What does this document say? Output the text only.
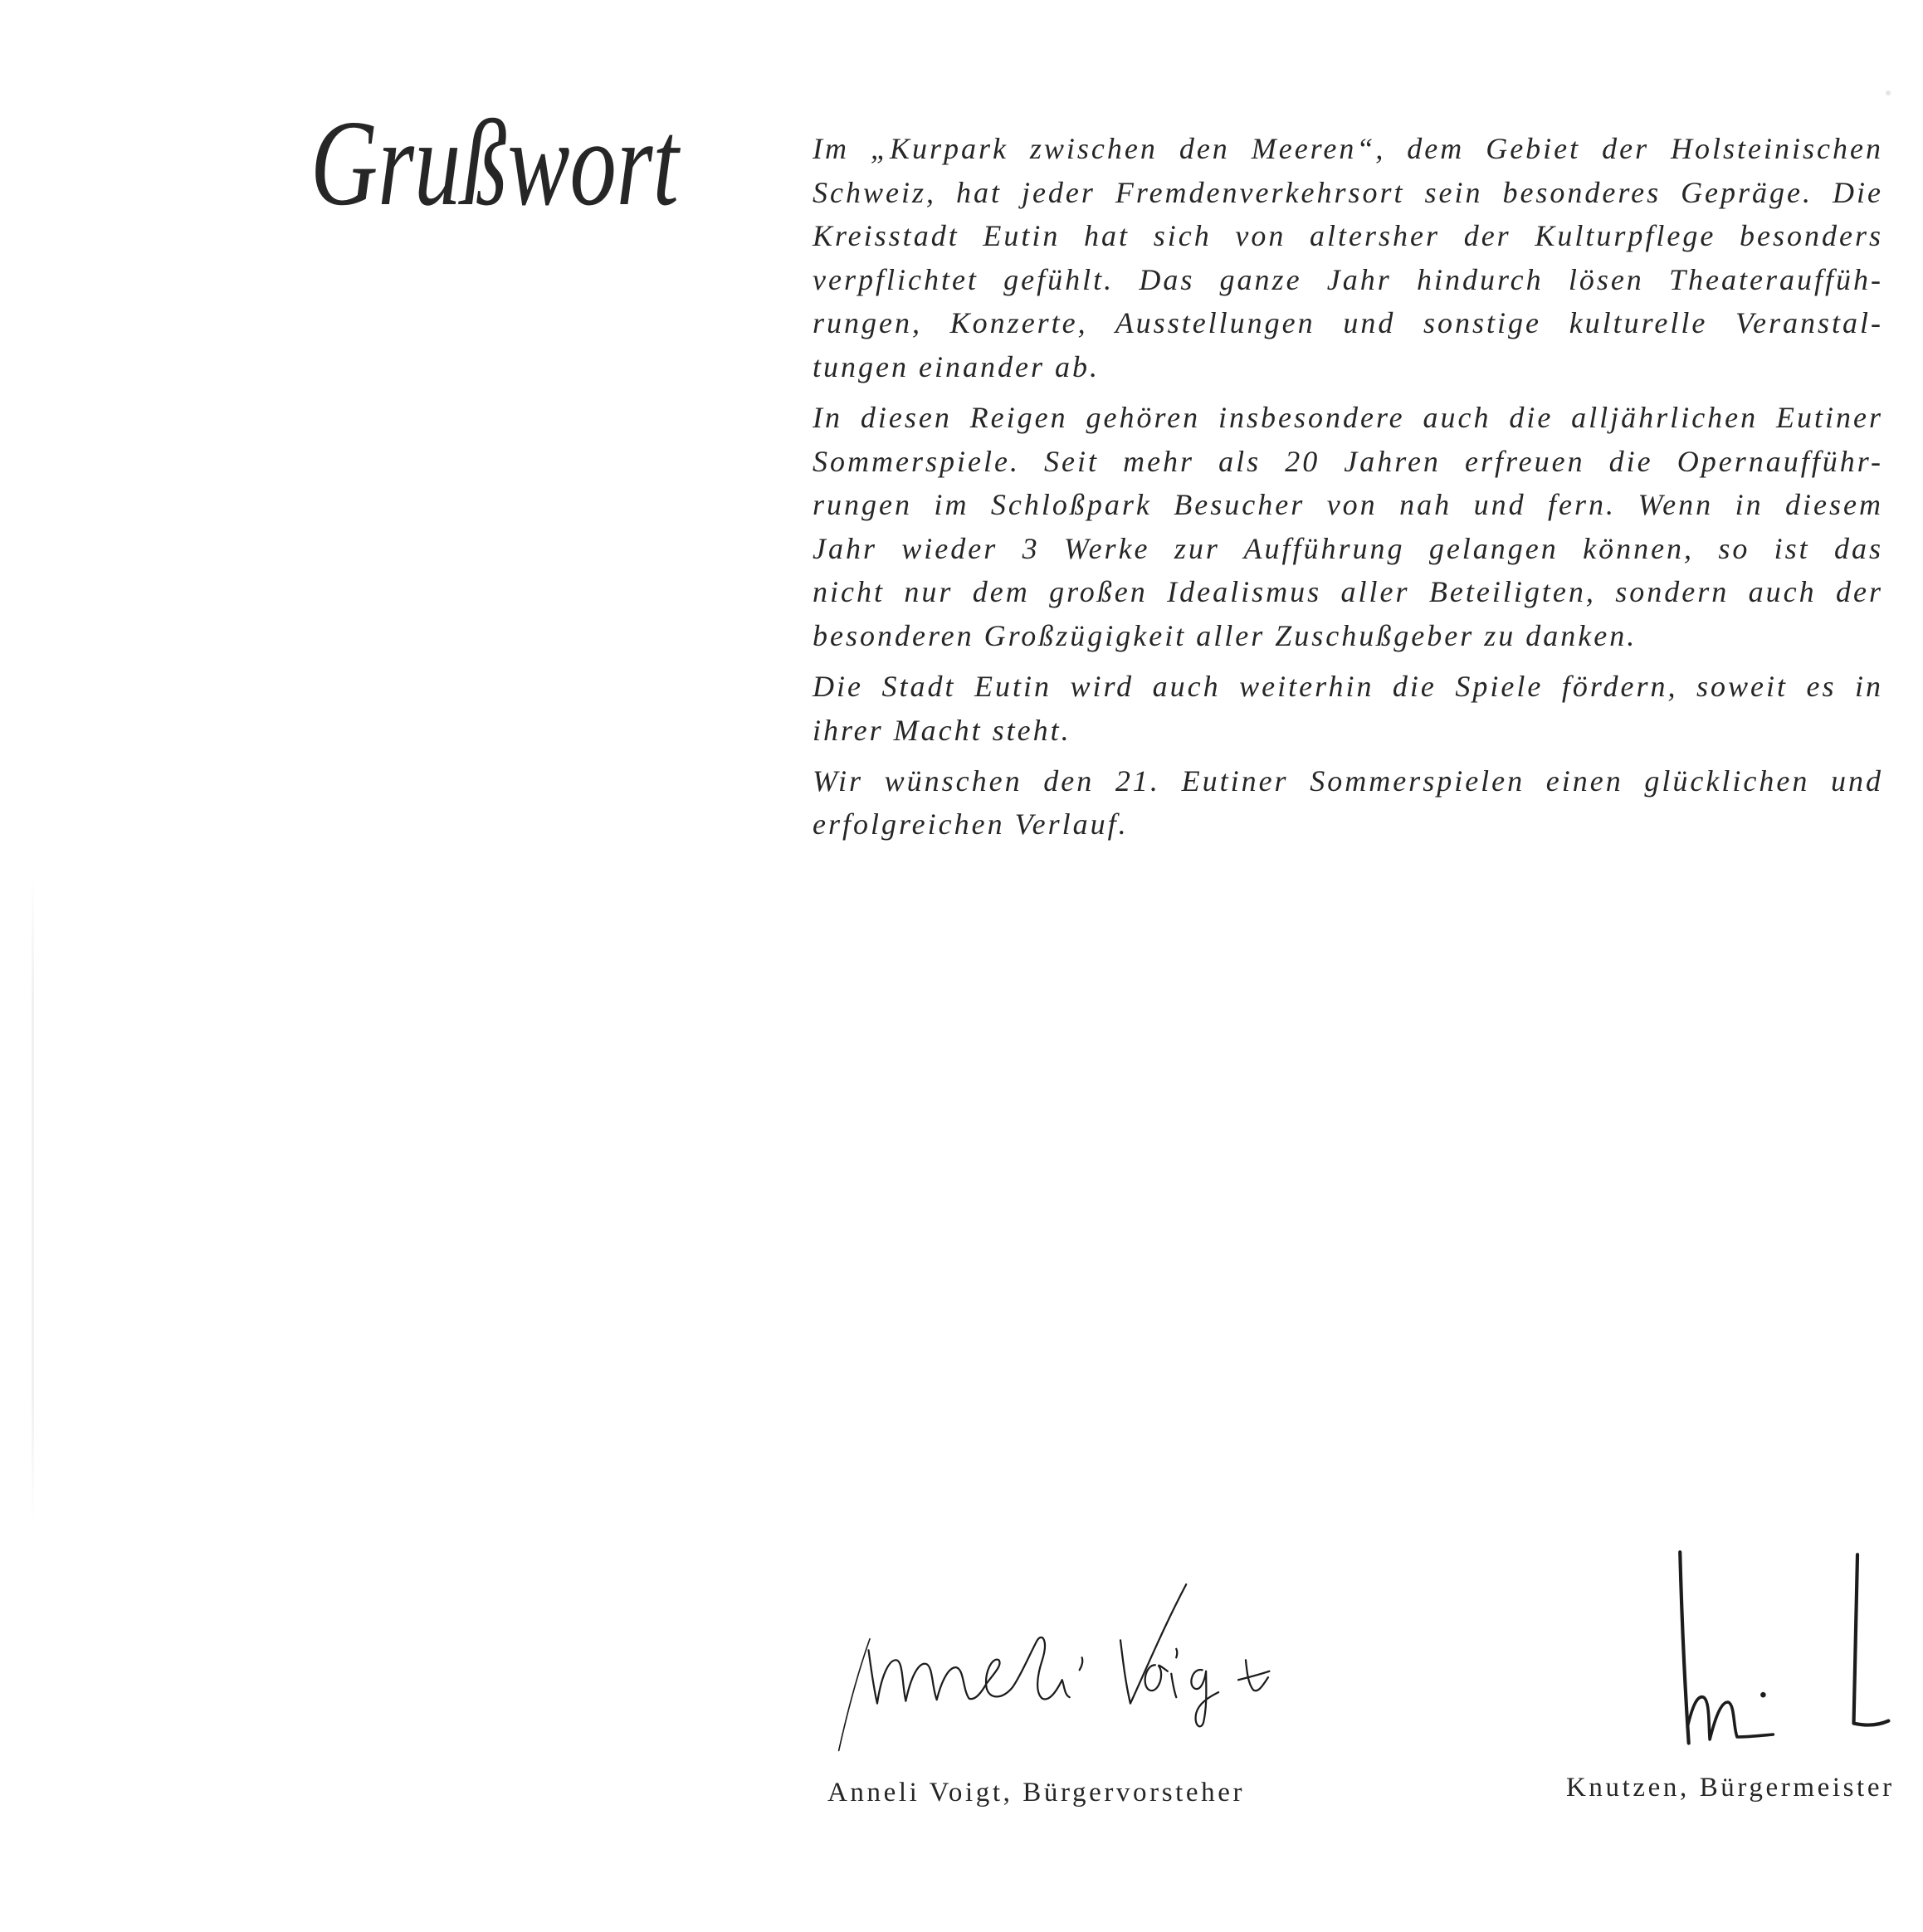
Grußwort	Im „Kurpark zwischen den Meeren“, dem Gebiet der Holsteinischen
Schweiz, hat jeder Fremdenverkehrsort sein besonderes Gepräge. Die
Kreisstadt Eutin hat sich von altersher der Kulturpflege besonders
verpflichtet gefühlt. Das ganze Jahr hindurch lösen Theaterauffüh-
rungen, Konzerte, Ausstellungen und sonstige kulturelle Veranstal-
tungen einander ab.
In diesen Reigen gehören insbesondere auch die alljährlichen Eutiner
Sommerspiele. Seit mehr als 20 Jahren erfreuen die Opernaufführ-
rungen im Schloßpark Besucher von nah und fern. Wenn in diesem
Jahr wieder 3 Werke zur Aufführung gelangen können, so ist das
nicht nur dem großen Idealismus aller Beteiligten, sondern auch der
besonderen Großzügigkeit aller Zuschußgeber zu danken.
Die Stadt Eutin wird auch weiterhin die Spiele fördern, soweit es in
ihrer Macht steht.
Wir wünschen den 21. Eutiner Sommerspielen einen glücklichen und
erfolgreichen Verlauf.
Anneli Voigt, Bürgervorsteher	Knutzen, Bürgermeister
